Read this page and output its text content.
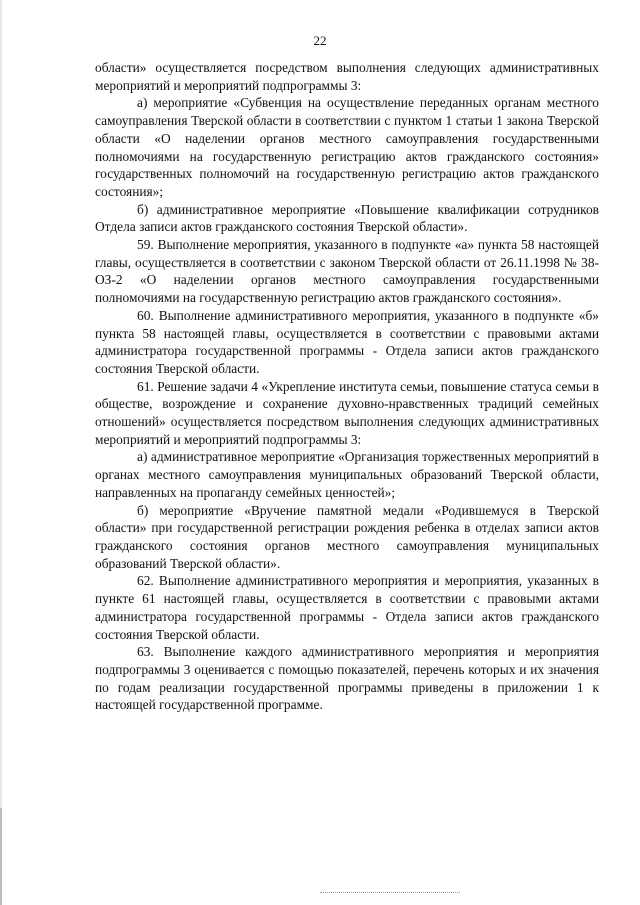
22

области» осуществляется посредством выполнения следующих административных мероприятий и мероприятий подпрограммы 3:

а) мероприятие «Субвенция на осуществление переданных органам местного самоуправления Тверской области в соответствии с пунктом 1 статьи 1 закона Тверской области «О наделении органов местного самоуправления государственными полномочиями на государственную регистрацию актов гражданского состояния» государственных полномочий на государственную регистрацию актов гражданского состояния»;

б) административное мероприятие «Повышение квалификации сотрудников Отдела записи актов гражданского состояния Тверской области».

59. Выполнение мероприятия, указанного в подпункте «а» пункта 58 настоящей главы, осуществляется в соответствии с законом Тверской области от 26.11.1998 № 38-ОЗ-2 «О наделении органов местного самоуправления государственными полномочиями на государственную регистрацию актов гражданского состояния».

60. Выполнение административного мероприятия, указанного в подпункте «б» пункта 58 настоящей главы, осуществляется в соответствии с правовыми актами администратора государственной программы - Отдела записи актов гражданского состояния Тверской области.

61. Решение задачи 4 «Укрепление института семьи, повышение статуса семьи в обществе, возрождение и сохранение духовно-нравственных традиций семейных отношений» осуществляется посредством выполнения следующих административных мероприятий и мероприятий подпрограммы 3:

а) административное мероприятие «Организация торжественных мероприятий в органах местного самоуправления муниципальных образований Тверской области, направленных на пропаганду семейных ценностей»;

б) мероприятие «Вручение памятной медали «Родившемуся в Тверской области» при государственной регистрации рождения ребенка в отделах записи актов гражданского состояния органов местного самоуправления муниципальных образований Тверской области».

62. Выполнение административного мероприятия и мероприятия, указанных в пункте 61 настоящей главы, осуществляется в соответствии с правовыми актами администратора государственной программы - Отдела записи актов гражданского состояния Тверской области.

63. Выполнение каждого административного мероприятия и мероприятия подпрограммы 3 оценивается с помощью показателей, перечень которых и их значения по годам реализации государственной программы приведены в приложении 1 к настоящей государственной программе.
